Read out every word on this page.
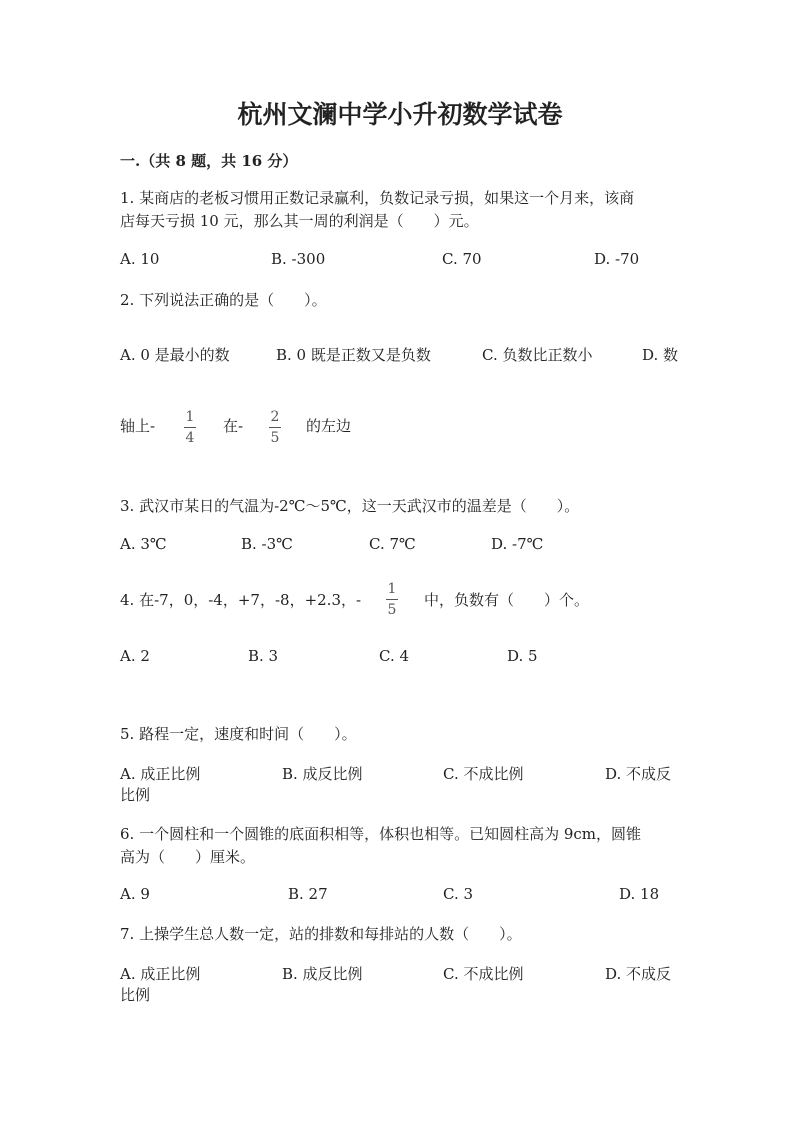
杭州文澜中学小升初数学试卷
一.（共 8 题，共 16 分）
1. 某商店的老板习惯用正数记录赢利，负数记录亏损，如果这一个月来，该商
店每天亏损 10 元，那么其一周的利润是（　　）元。
A. 10	B. -300	C. 70	D. -70
2. 下列说法正确的是（　　）。
A. 0 是最小的数	B. 0 既是正数又是负数	C. 负数比正数小	D. 数
轴上- 1
4
在- 2
5
的左边
3. 武汉市某日的气温为-2℃～5℃，这一天武汉市的温差是（　　）。
A. 3℃	B. -3℃	C. 7℃	D. -7℃
4. 在-7，0，-4，+7，-8，+2.3，-
1
5
中，负数有（　　）个。
A. 2	B. 3	C. 4	D. 5
5. 路程一定，速度和时间（　　）。
A. 成正比例	B. 成反比例	C. 不成比例	D. 不成反
比例
6. 一个圆柱和一个圆锥的底面积相等，体积也相等。已知圆柱高为 9cm，圆锥
高为（　　）厘米。
A. 9	B. 27	C. 3	D. 18
7. 上操学生总人数一定，站的排数和每排站的人数（　　）。
A. 成正比例	B. 成反比例	C. 不成比例	D. 不成反
比例
